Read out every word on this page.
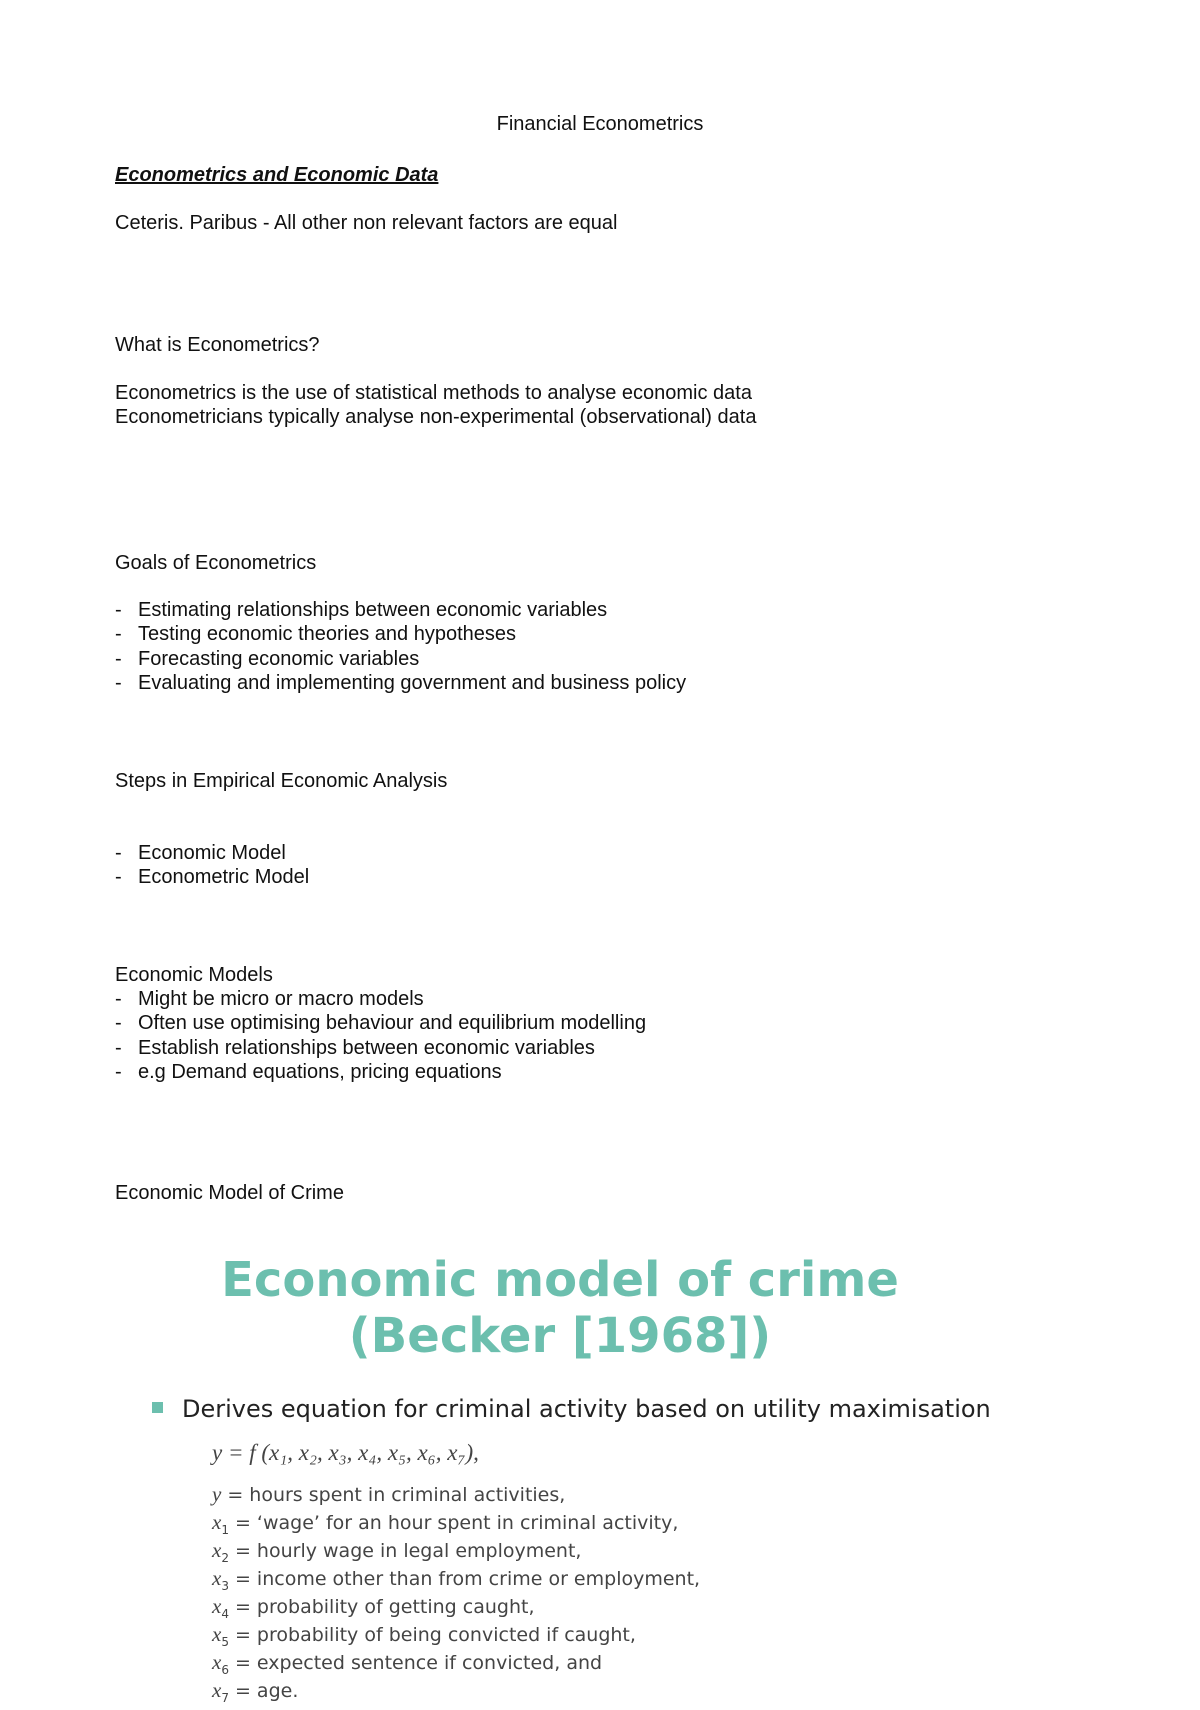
Financial Econometrics
Econometrics and Economic Data
Ceteris. Paribus - All other non relevant factors are equal
What is Econometrics?
Econometrics is the use of statistical methods to analyse economic data
Econometricians typically analyse non-experimental (observational) data
Goals of Econometrics
- Estimating relationships between economic variables
- Testing economic theories and hypotheses
- Forecasting economic variables
- Evaluating and implementing government and business policy
Steps in Empirical Economic Analysis
- Economic Model
- Econometric Model
Economic Models
- Might be micro or macro models
- Often use optimising behaviour and equilibrium modelling
- Establish relationships between economic variables
- e.g Demand equations, pricing equations
Economic Model of Crime
Economic model of crime
(Becker [1968])
Derives equation for criminal activity based on utility maximisation
y = f (x₁, x₂, x₃, x₄, x₅, x₆, x₇),
y = hours spent in criminal activities,
$x_1$ = ‘wage’ for an hour spent in criminal activity,
$x_2$ = hourly wage in legal employment,
$x_3$ = income other than from crime or employment,
$x_4$ = probability of getting caught,
$x_5$ = probability of being convicted if caught,
$x_6$ = expected sentence if convicted, and
$x_7$ = age.
